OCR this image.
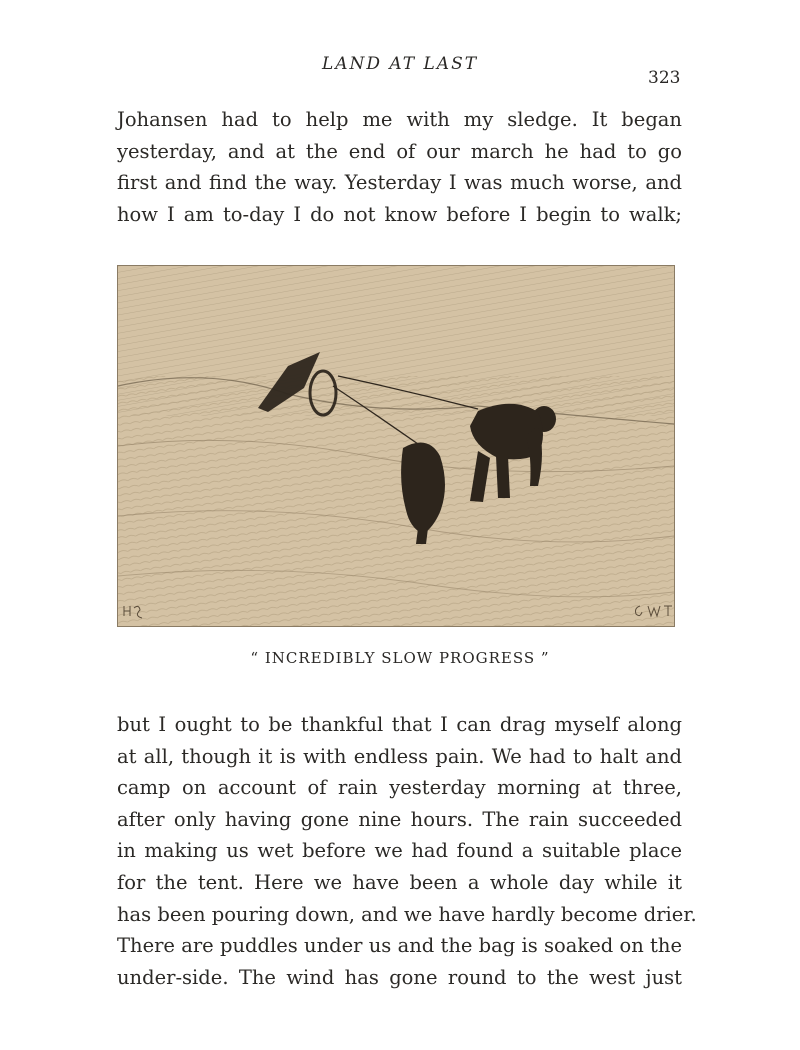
LAND AT LAST
323
Johansen had to help me with my sledge. It began
yesterday, and at the end of our march he had to go
first and find the way. Yesterday I was much worse, and
how I am to-day I do not know before I begin to walk;
“ INCREDIBLY SLOW PROGRESS ”
but I ought to be thankful that I can drag myself along
at all, though it is with endless pain. We had to halt and
camp on account of rain yesterday morning at three,
after only having gone nine hours. The rain succeeded
in making us wet before we had found a suitable place
for the tent. Here we have been a whole day while it
has been pouring down, and we have hardly become drier.
There are puddles under us and the bag is soaked on the
under-side. The wind has gone round to the west just
